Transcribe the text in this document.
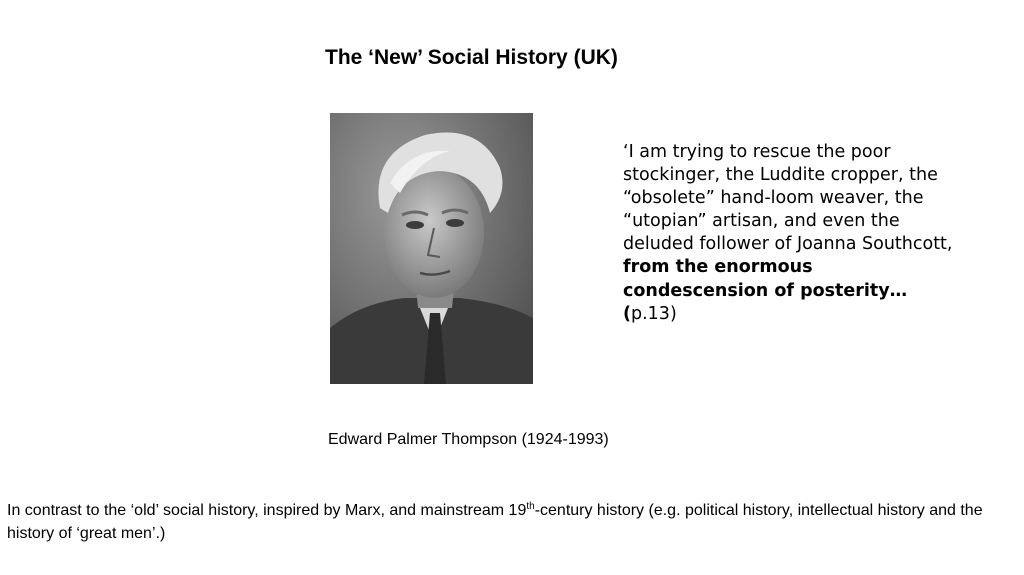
The ‘New’ Social History (UK)
‘I am trying to rescue the poor stockinger, the Luddite cropper, the “obsolete” hand-loom weaver, the “utopian” artisan, and even the deluded follower of Joanna Southcott, from the enormous condescension of posterity… (p.13)
Edward Palmer Thompson (1924-1993)
In contrast to the ‘old’ social history, inspired by Marx, and mainstream 19th-century history (e.g. political history, intellectual history and the history of ‘great men’.)
